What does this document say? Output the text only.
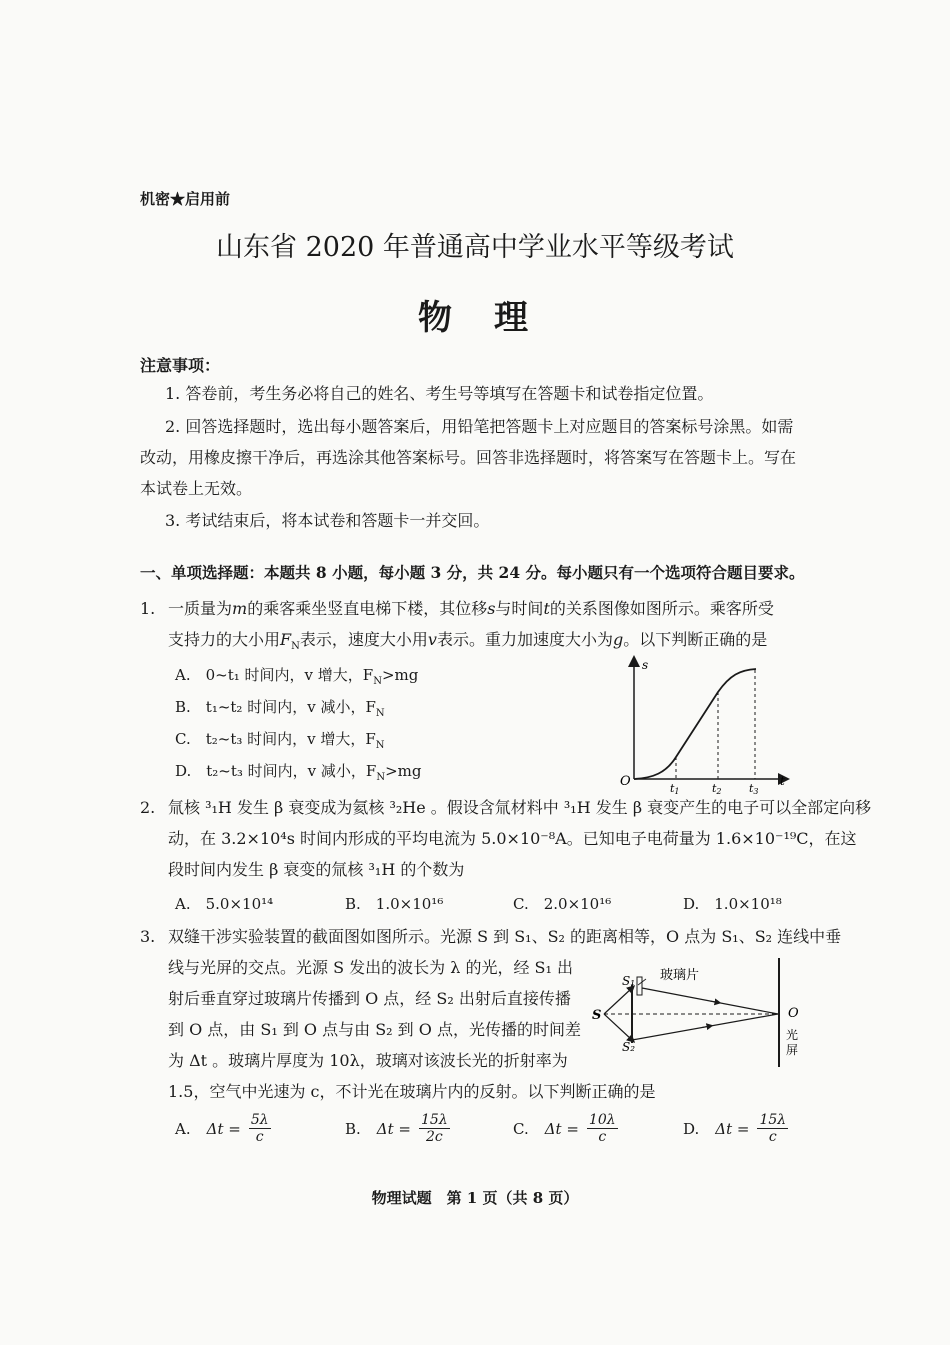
机密★启用前
山东省 2020 年普通高中学业水平等级考试
物　理
注意事项：
1. 答卷前，考生务必将自己的姓名、考生号等填写在答题卡和试卷指定位置。
2. 回答选择题时，选出每小题答案后，用铅笔把答题卡上对应题目的答案标号涂黑。如需
改动，用橡皮擦干净后，再选涂其他答案标号。回答非选择题时，将答案写在答题卡上。写在
本试卷上无效。
3. 考试结束后，将本试卷和答题卡一并交回。
一、单项选择题：本题共 8 小题，每小题 3 分，共 24 分。每小题只有一个选项符合题目要求。
1. 一质量为m的乘客乘坐竖直电梯下楼，其位移s与时间t的关系图像如图所示。乘客所受
支持力的大小用$F_N$表示，速度大小用v表示。重力加速度大小为g。以下判断正确的是
A.　0~t₁ 时间内，v 增大，$F_N>mg$
B.　t₁~t₂ 时间内，v 减小，$F_N$
C.　t₂~t₃ 时间内，v 增大，$F_N$
D.　t₂~t₃ 时间内，v 减小，$F_N>mg$
s
t
O	t1	t2 t3
2. 氚核 ³₁H 发生 β 衰变成为氦核 ³₂He 。假设含氚材料中 ³₁H 发生 β 衰变产生的电子可以全部定向移
动，在 3.2×10⁴s 时间内形成的平均电流为 5.0×10⁻⁸A。已知电子电荷量为 1.6×10⁻¹⁹C，在这
段时间内发生 β 衰变的氚核 ³₁H 的个数为
A.　5.0×10¹⁴	B.　1.0×10¹⁶	C.　2.0×10¹⁶	D.　1.0×10¹⁸
3. 双缝干涉实验装置的截面图如图所示。光源 S 到 S₁、S₂ 的距离相等，O 点为 S₁、S₂ 连线中垂
线与光屏的交点。光源 S 发出的波长为 λ 的光，经 S₁ 出
射后垂直穿过玻璃片传播到 O 点，经 S₂ 出射后直接传播
到 O 点，由 S₁ 到 O 点与由 S₂ 到 O 点，光传播的时间差
为 Δt 。玻璃片厚度为 10λ，玻璃对该波长光的折射率为
1.5，空气中光速为 c，不计光在玻璃片内的反射。以下判断正确的是
S
S₁
S₂
玻璃片
O
光
屏
A. $\Delta t = \frac{5\lambda}{c}$	B. $\Delta t = \frac{15\lambda}{2c}$	C. $\Delta t = \frac{10\lambda}{c}$	D. $\Delta t = \frac{15\lambda}{c}$
物理试题　第 1 页（共 8 页）
